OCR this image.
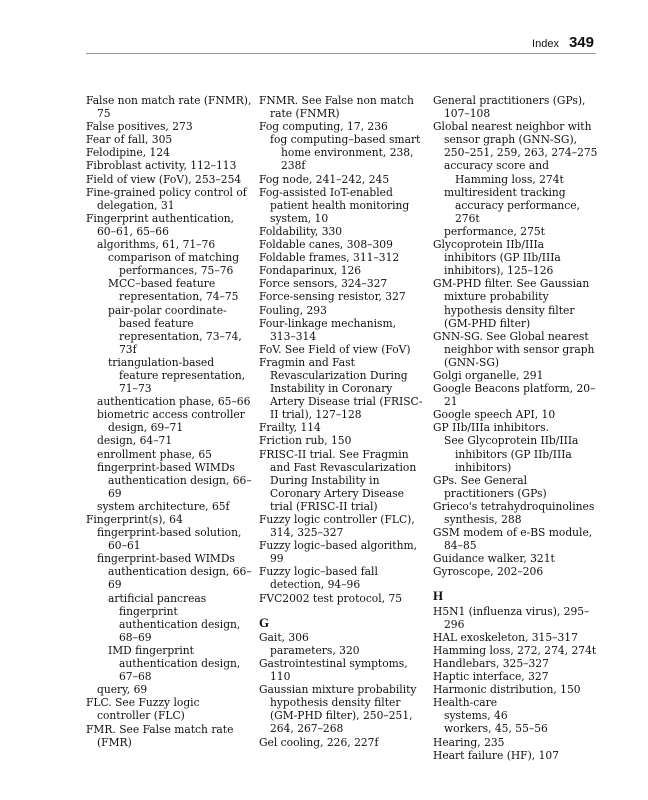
Index 349
False non match rate (FNMR), 75
False positives, 273
Fear of fall, 305
Felodipine, 124
Fibroblast activity, 112–113
Field of view (FoV), 253–254
Fine-grained policy control of delegation, 31
Fingerprint authentication, 60–61, 65–66
algorithms, 61, 71–76
comparison of matching performances, 75–76
MCC–based feature representation, 74–75
pair-polar coordinate-based feature representation, 73–74, 73f
triangulation-based feature representation, 71–73
authentication phase, 65–66
biometric access controller design, 69–71
design, 64–71
enrollment phase, 65
fingerprint-based WIMDs authentication design, 66–69
system architecture, 65f
Fingerprint(s), 64
fingerprint-based solution, 60–61
fingerprint-based WIMDs authentication design, 66–69
artificial pancreas fingerprint authentication design, 68–69
IMD fingerprint authentication design, 67–68
query, 69
FLC. See Fuzzy logic controller (FLC)
FMR. See False match rate (FMR)
FNMR. See False non match rate (FNMR)
Fog computing, 17, 236
fog computing–based smart home environment, 238, 238f
Fog node, 241–242, 245
Fog-assisted IoT-enabled patient health monitoring system, 10
Foldability, 330
Foldable canes, 308–309
Foldable frames, 311–312
Fondaparinux, 126
Force sensors, 324–327
Force-sensing resistor, 327
Fouling, 293
Four-linkage mechanism, 313–314
FoV. See Field of view (FoV)
Fragmin and Fast Revascularization During Instability in Coronary Artery Disease trial (FRISC-II trial), 127–128
Frailty, 114
Friction rub, 150
FRISC-II trial. See Fragmin and Fast Revascularization During Instability in Coronary Artery Disease trial (FRISC-II trial)
Fuzzy logic controller (FLC), 314, 325–327
Fuzzy logic–based algorithm, 99
Fuzzy logic–based fall detection, 94–96
FVC2002 test protocol, 75
G
Gait, 306
parameters, 320
Gastrointestinal symptoms, 110
Gaussian mixture probability hypothesis density filter (GM-PHD filter), 250–251, 264, 267–268
Gel cooling, 226, 227f
General practitioners (GPs), 107–108
Global nearest neighbor with sensor graph (GNN-SG), 250–251, 259, 263, 274–275
accuracy score and Hamming loss, 274t
multiresident tracking accuracy performance, 276t
performance, 275t
Glycoprotein IIb/IIIa inhibitors (GP IIb/IIIa inhibitors), 125–126
GM-PHD filter. See Gaussian mixture probability hypothesis density filter (GM-PHD filter)
GNN-SG. See Global nearest neighbor with sensor graph (GNN-SG)
Golgi organelle, 291
Google Beacons platform, 20–21
Google speech API, 10
GP IIb/IIIa inhibitors.
See Glycoprotein IIb/IIIa inhibitors (GP IIb/IIIa inhibitors)
GPs. See General practitioners (GPs)
Grieco's tetrahydroquinolines synthesis, 288
GSM modem of e-BS module, 84–85
Guidance walker, 321t
Gyroscope, 202–206
H
H5N1 (influenza virus), 295–296
HAL exoskeleton, 315–317
Hamming loss, 272, 274, 274t
Handlebars, 325–327
Haptic interface, 327
Harmonic distribution, 150
Health-care
systems, 46
workers, 45, 55–56
Hearing, 235
Heart failure (HF), 107
